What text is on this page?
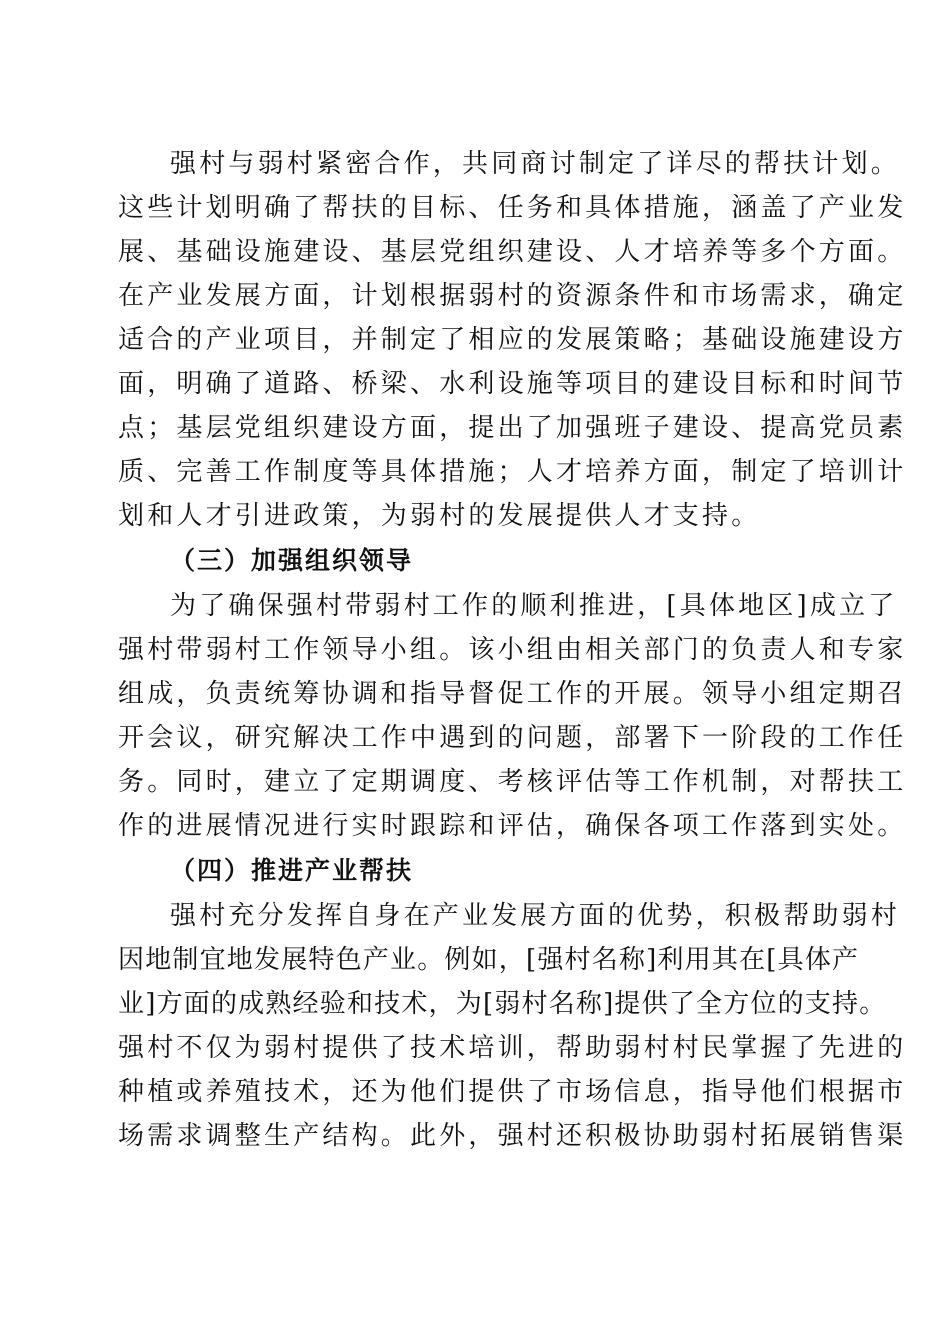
强村与弱村紧密合作，共同商讨制定了详尽的帮扶计划。
这些计划明确了帮扶的目标、任务和具体措施，涵盖了产业发
展、基础设施建设、基层党组织建设、人才培养等多个方面。
在产业发展方面，计划根据弱村的资源条件和市场需求，确定
适合的产业项目，并制定了相应的发展策略；基础设施建设方
面，明确了道路、桥梁、水利设施等项目的建设目标和时间节
点；基层党组织建设方面，提出了加强班子建设、提高党员素
质、完善工作制度等具体措施；人才培养方面，制定了培训计
划和人才引进政策，为弱村的发展提供人才支持。
（三）加强组织领导
为了确保强村带弱村工作的顺利推进，[具体地区]成立了
强村带弱村工作领导小组。该小组由相关部门的负责人和专家
组成，负责统筹协调和指导督促工作的开展。领导小组定期召
开会议，研究解决工作中遇到的问题，部署下一阶段的工作任
务。同时，建立了定期调度、考核评估等工作机制，对帮扶工
作的进展情况进行实时跟踪和评估，确保各项工作落到实处。
（四）推进产业帮扶
强村充分发挥自身在产业发展方面的优势，积极帮助弱村
因地制宜地发展特色产业。例如，[强村名称]利用其在[具体产
业]方面的成熟经验和技术，为[弱村名称]提供了全方位的支持。
强村不仅为弱村提供了技术培训，帮助弱村村民掌握了先进的
种植或养殖技术，还为他们提供了市场信息，指导他们根据市
场需求调整生产结构。此外，强村还积极协助弱村拓展销售渠
